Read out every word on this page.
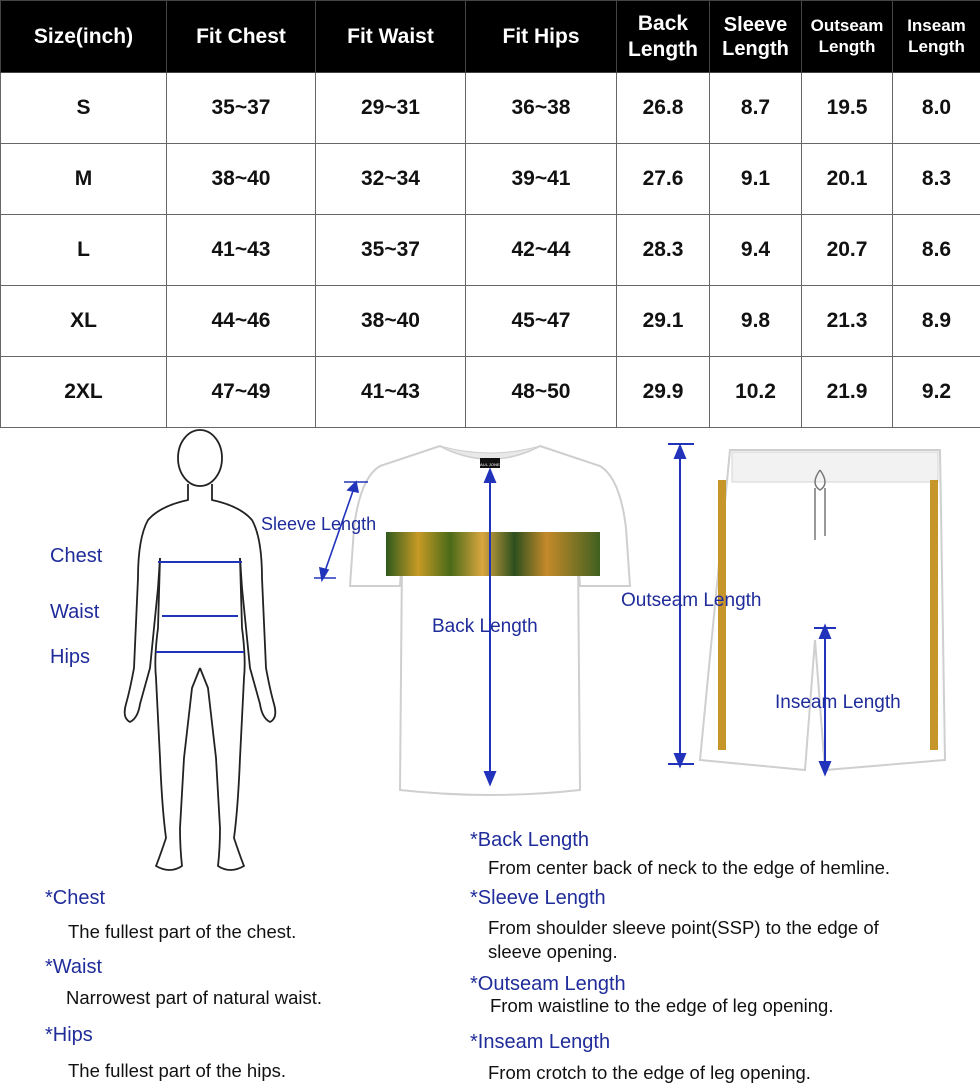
Size(inch)	Fit Chest	Fit Waist	Fit Hips	Back Length	Sleeve Length	Outseam Length	Inseam Length
S	35~37	29~31	36~38	26.8	8.7	19.5	8.0
M	38~40	32~34	39~41	27.6	9.1	20.1	8.3
L	41~43	35~37	42~44	28.3	9.4	20.7	8.6
XL	44~46	38~40	45~47	29.1	9.8	21.3	8.9
2XL	47~49	41~43	48~50	29.9	10.2	21.9	9.2
Chest
Waist
Hips
PAUL JONES
Sleeve Length
Back Length
Outseam Length
Inseam Length
*Chest
The fullest part of the chest.
*Waist
Narrowest part of natural waist.
*Hips
The fullest part of the hips.
*Back Length
From center back of neck to the edge of hemline.
*Sleeve Length
From shoulder sleeve point(SSP) to the edge of
sleeve opening.
*Outseam Length
From waistline to the edge of leg opening.
*Inseam Length
From crotch to the edge of leg opening.
